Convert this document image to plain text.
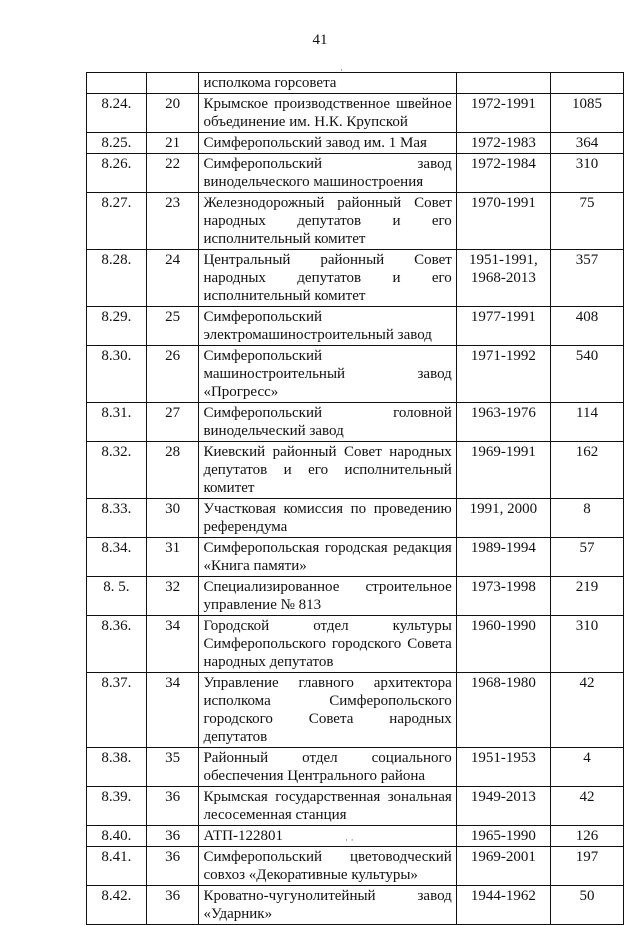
41

		исполкома горсовета		

8.24.	20	Крымское производственное швейное
объединение им. Н.К. Крупской	1972-1991	1085
8.25.	21	Симферопольский завод им. 1 Мая	1972-1983	364
8.26.	22	Симферопольский завод
винодельческого машиностроения	1972-1984	310
8.27.	23	Железнодорожный районный Совет
народных депутатов и его
исполнительный комитет	1970-1991	75
8.28.	24	Центральный районный Совет
народных депутатов и его
исполнительный комитет	1951-1991,
1968-2013	357
8.29.	25	Симферопольский
электромашиностроительный завод	1977-1991	408
8.30.	26	Симферопольский
машиностроительный завод
«Прогресс»	1971-1992	540
8.31.	27	Симферопольский головной
винодельческий завод	1963-1976	114
8.32.	28	Киевский районный Совет народных
депутатов и его исполнительный
комитет	1969-1991	162
8.33.	30	Участковая комиссия по проведению
референдума	1991, 2000	8
8.34.	31	Симферопольская городская редакция
«Книга памяти»	1989-1994	57
8. 5.	32	Специализированное строительное
управление № 813	1973-1998	219
8.36.	34	Городской отдел культуры
Симферопольского городского Совета
народных депутатов	1960-1990	310
8.37.	34	Управление главного архитектора
исполкома Симферопольского
городского Совета народных депутатов	1968-1980	42
8.38.	35	Районный отдел социального
обеспечения Центрального района	1951-1953	4
8.39.	36	Крымская государственная зональная
лесосеменная станция	1949-2013	42
8.40.	36	АТП-122801	1965-1990	126
8.41.	36	Симферопольский цветоводческий
совхоз «Декоративные культуры»	1969-2001	197
8.42.	36	Кроватно-чугунолитейный завод
«Ударник»	1944-1962	50
·
· ·
